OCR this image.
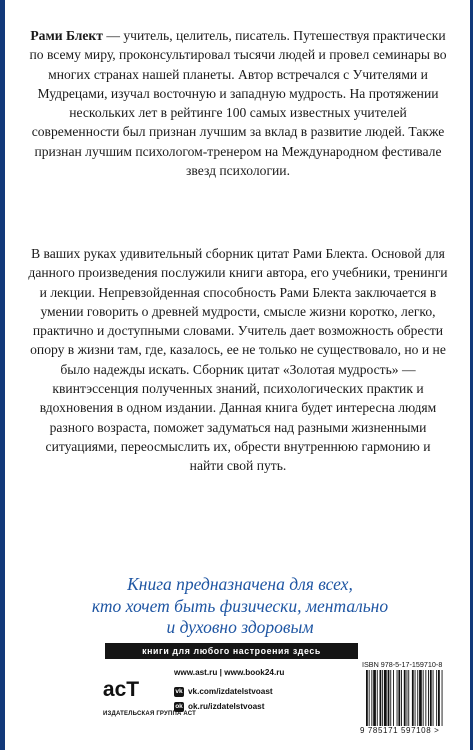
Рами Блект — учитель, целитель, писатель. Путешествуя практически по всему миру, проконсультировал тысячи людей и провел семинары во многих странах нашей планеты. Автор встречался с Учителями и Мудрецами, изучал восточную и западную мудрость. На протяжении нескольких лет в рейтинге 100 самых известных учителей современности был признан лучшим за вклад в развитие людей. Также признан лучшим психологом-тренером на Международном фестивале звезд психологии.

В ваших руках удивительный сборник цитат Рами Блекта. Основой для данного произведения послужили книги автора, его учебники, тренинги и лекции. Непревзойденная способность Рами Блекта заключается в умении говорить о древней мудрости, смысле жизни коротко, легко, практично и доступными словами. Учитель дает возможность обрести опору в жизни там, где, казалось, ее не только не существовало, но и не было надежды искать. Сборник цитат «Золотая мудрость» — квинтэссенция полученных знаний, психологических практик и вдохновения в одном издании. Данная книга будет интересна людям разного возраста, поможет задуматься над разными жизненными ситуациями, переосмыслить их, обрести внутреннюю гармонию и найти свой путь.

Книга предназначена для всех,
кто хочет быть физически, ментально
и духовно здоровым
книги для любого настроения здесь
acT
ИЗДАТЕЛЬСКАЯ ГРУППА АСТ
www.ast.ru | www.book24.ru
vk vk.com/izdatelstvoast
ok ok.ru/izdatelstvoast
ISBN 978-5-17-159710-8
9 785171 597108 >
